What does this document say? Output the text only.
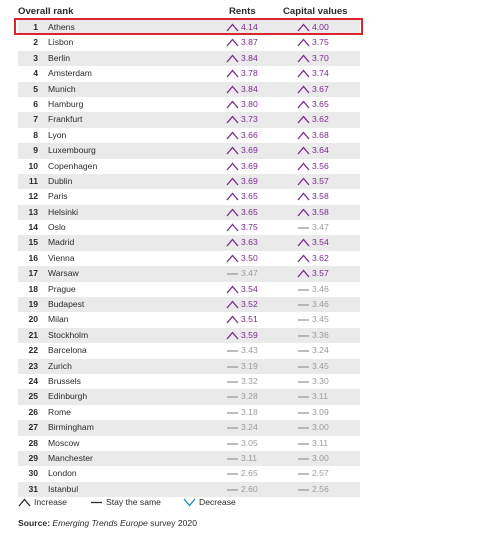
Overall rank	Rents	Capital values
1 Athens	4.14	4.00
2 Lisbon	3.87	3.75
3 Berlin	3.84	3.70
4 Amsterdam	3.78	3.74
5 Munich	3.84	3.67
6 Hamburg	3.80	3.65
7 Frankfurt	3.73	3.62
8 Lyon	3.66	3.68
9 Luxembourg	3.69	3.64
10 Copenhagen	3.69	3.56
11 Dublin	3.69	3.57
12 Paris	3.65	3.58
13 Helsinki	3.65	3.58
14 Oslo	3.75	3.47
15 Madrid	3.63	3.54
16 Vienna	3.50	3.62
17 Warsaw	3.47	3.57
18 Prague	3.54	3.46
19 Budapest	3.52	3.46
20 Milan	3.51	3.45
21 Stockholm	3.59	3.36
22 Barcelona	3.43	3.24
23 Zurich	3.19	3.45
24 Brussels	3.32	3.30
25 Edinburgh	3.28	3.11
26 Rome	3.18	3.09
27 Birmingham	3.24	3.00
28 Moscow	3.05	3.11
29 Manchester	3.11	3.00
30 London	2.65	2.57
31 Istanbul	2.60	2.56
Increase	Stay the same	Decrease
Source: Emerging Trends Europe survey 2020
